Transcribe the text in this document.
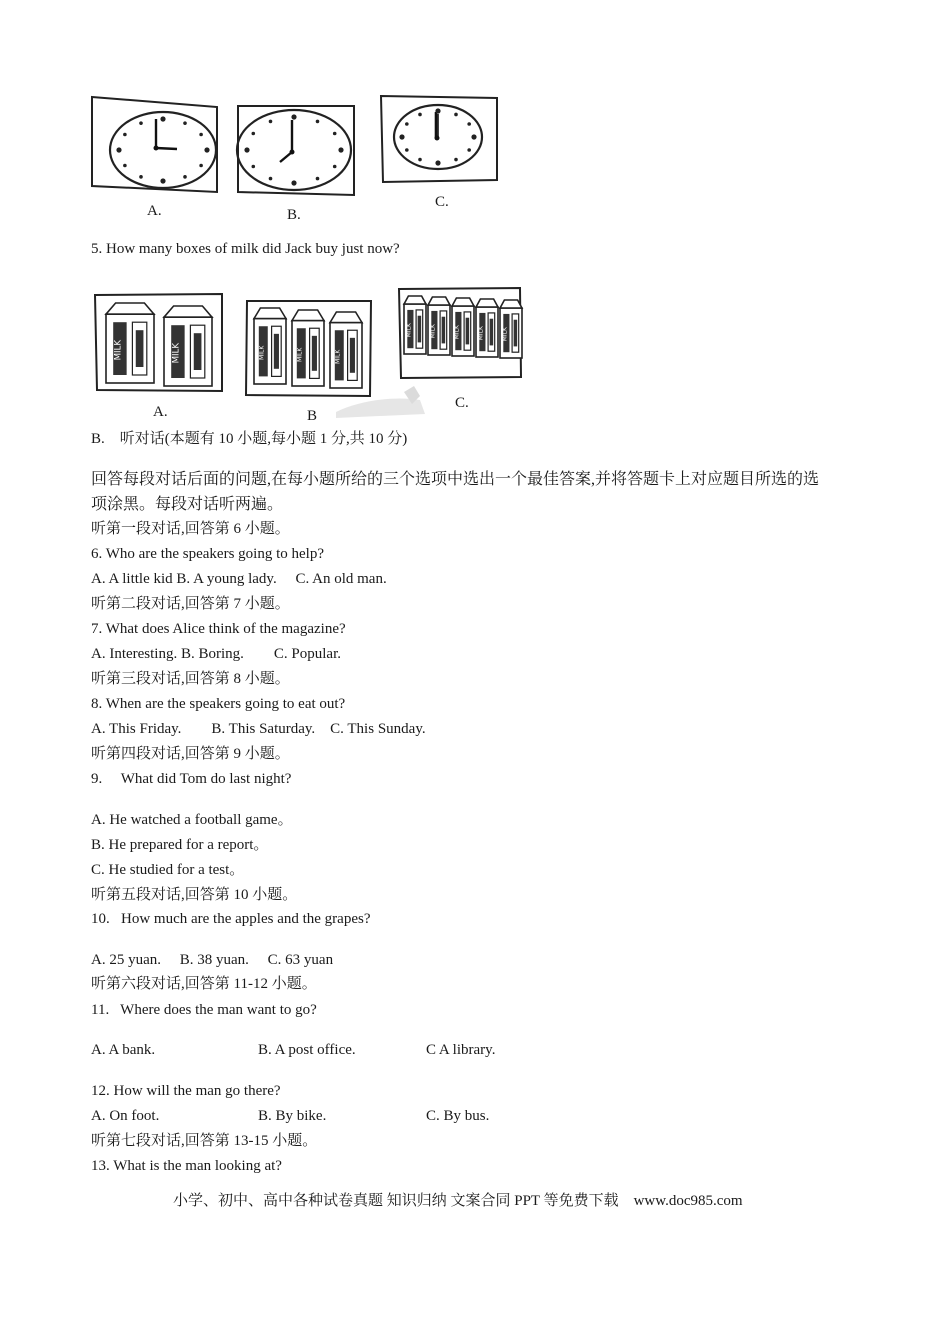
A.	B.
C.
5. How many boxes of milk did Jack buy just now?
MILK	MILK	MILK	MILK	MILK
MILK	MILK	MILK	MILK	MILK
A.	B
C.
B.　听对话(本题有 10 小题,每小题 1 分,共 10 分)
回答每段对话后面的问题,在每小题所给的三个选项中选出一个最佳答案,并将答题卡上对应题目所选的选
项涂黑。每段对话听两遍。
听第一段对话,回答第 6 小题。
6. Who are the speakers going to help?
A. A little kid B. A young lady.  C. An old man.
听第二段对话,回答第 7 小题。
7. What does Alice think of the magazine?
A. Interesting. B. Boring.  C. Popular.
听第三段对话,回答第 8 小题。
8. When are the speakers going to eat out?
A. This Friday.  B. This Saturday. C. This Sunday.
听第四段对话,回答第 9 小题。
9.  What did Tom do last night?
A. He watched a football game。
B. He prepared for a report。
C. He studied for a test。
听第五段对话,回答第 10 小题。
10.  How much are the apples and the grapes?
A. 25 yuan.  B. 38 yuan.  C. 63 yuan
听第六段对话,回答第 11-12 小题。
11.  Where does the man want to go?
A. A bank.	B. A post office.	C A library.
12. How will the man go there?
A. On foot.	B. By bike.	C. By bus.
听第七段对话,回答第 13-15 小题。
13. What is the man looking at?
小学、初中、高中各种试卷真题 知识归纳 文案合同 PPT 等免费下载　www.doc985.com
